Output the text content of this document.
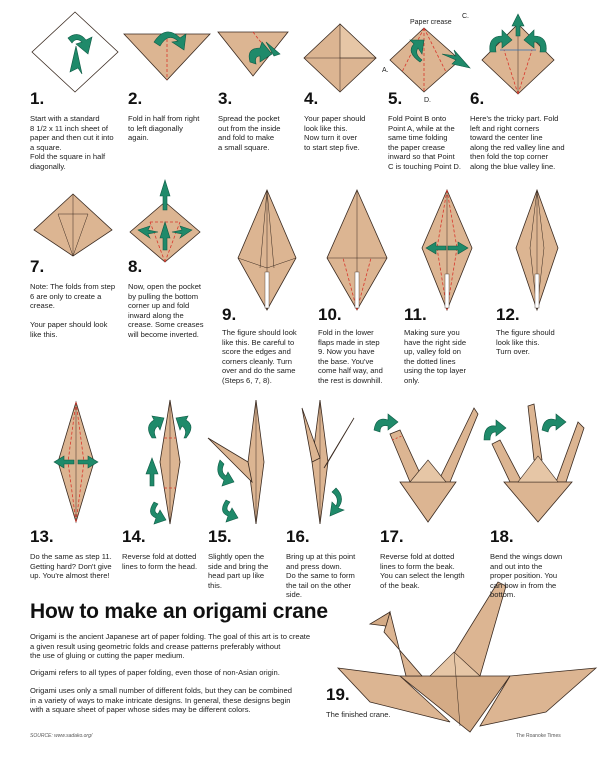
Paper crease
C.
A.
D.
1.
Start with a standard
8 1/2 x 11 inch sheet of
paper and then cut it into
a square.
Fold the square in half
diagonally.
2.
Fold in half from right
to left diagonally
again.
3.
Spread the pocket
out from the inside
and fold to make
a small square.
4.
Your paper should
look like this.
Now turn it over
to start step five.
5.
Fold Point B onto
Point A, while at the
same time folding
the paper crease
inward so that Point
C is touching Point D.
6.
Here's the tricky part. Fold
left and right corners
toward the center line
along the red valley line and
then fold the top corner
along the blue valley line.
7.
Note: The folds from step
6 are only to create a
crease.

Your paper should look
like this.
8.
Now, open the pocket
by pulling the bottom
corner up and fold
inward along the
crease. Some creases
will become inverted.
9.
The figure should look
like this. Be careful to
score the edges and
corners cleanly. Turn
over and do the same
(Steps 6, 7, 8).
10.
Fold in the lower
flaps made in step
9. Now you have
the base. You've
come half way, and
the rest is downhill.
11.
Making sure you
have the right side
up, valley fold on
the dotted lines
using the top layer
only.
12.
The figure should
look like this.
Turn over.
13.
Do the same as step 11.
Getting hard? Don't give
up. You're almost there!
14.
Reverse fold at dotted
lines to form the head.
15.
Slightly open the
side and bring the
head part up like
this.
16.
Bring up at this point
and press down.
Do the same to form
the tail on the other
side.
17.
Reverse fold at dotted
lines to form the beak.
You can select the length
of the beak.
18.
Bend the wings down
and out into the
proper position. You
can bow in from the
bottom.
19.
The finished crane.
How to make an origami crane
Origami is the ancient Japanese art of paper folding. The goal of this art is to create
a given result using geometric folds and crease patterns preferably without
the use of gluing or cutting the paper medium.
Origami refers to all types of paper folding, even those of non-Asian origin.
Origami uses only a small number of different folds, but they can be combined
in a variety of ways to make intricate designs. In general, these designs begin
with a square sheet of paper whose sides may be different colors.
SOURCE: www.sadako.org/	The Roanoke Times
